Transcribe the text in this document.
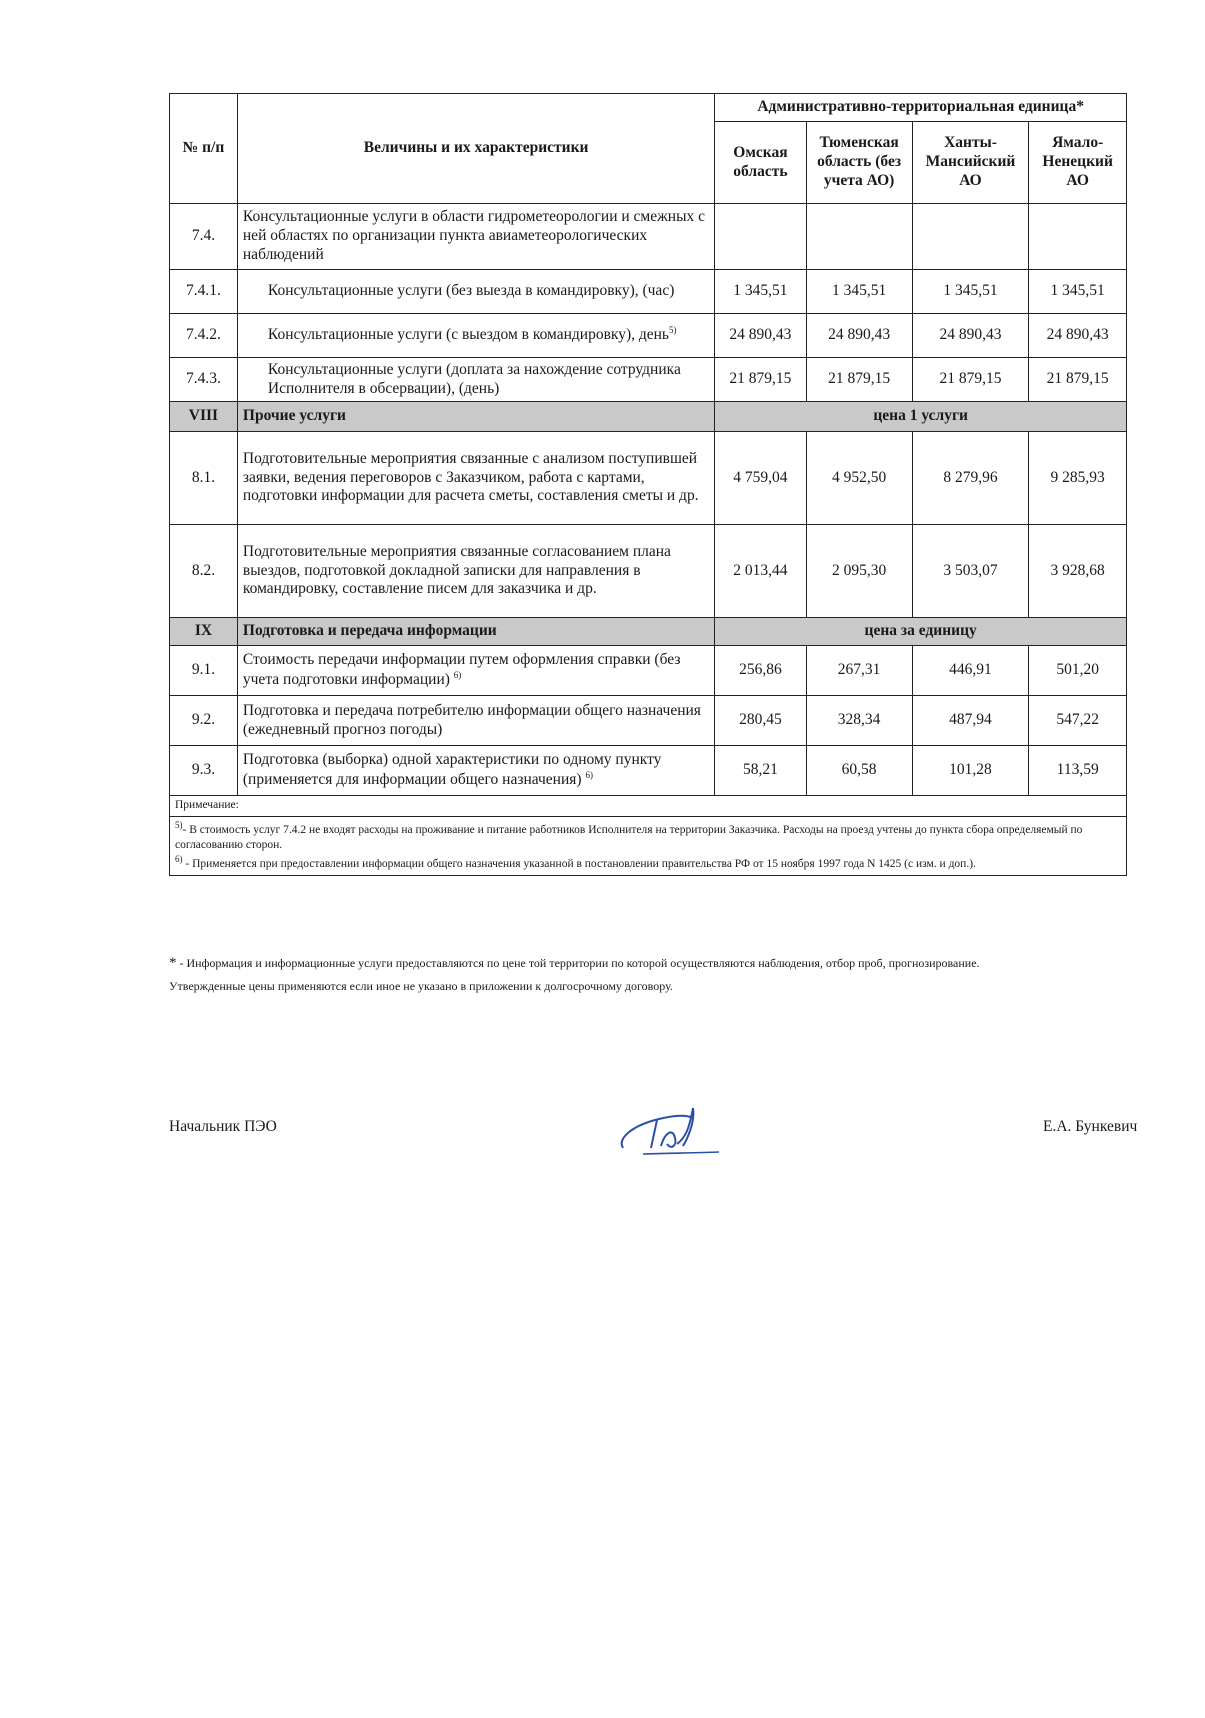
№ п/п	Величины и их характеристики	Административно-территориальная единица*			
		Омская область	Тюменская область (без учета АО)	Ханты-Мансийский АО	Ямало-Ненецкий АО
7.4.	Консультационные услуги в области гидрометеорологии и смежных с ней областях по организации пункта авиаметеорологических наблюдений				
7.4.1.	Консультационные услуги (без выезда в командировку), (час)	1 345,51	1 345,51	1 345,51	1 345,51
7.4.2.	Консультационные услуги (с выездом в командировку), день$^{5)}$	24 890,43	24 890,43	24 890,43	24 890,43
7.4.3.	Консультационные услуги (доплата за нахождение сотрудника Исполнителя в обсервации), (день)	21 879,15	21 879,15	21 879,15	21 879,15
VIII	Прочие услуги	цена 1 услуги			
8.1.	Подготовительные мероприятия связанные с анализом поступившей заявки, ведения переговоров с Заказчиком, работа с картами, подготовки информации для расчета сметы, составления сметы и др.	4 759,04	4 952,50	8 279,96	9 285,93
8.2.	Подготовительные мероприятия связанные согласованием плана выездов, подготовкой докладной записки для направления в командировку, составление писем для заказчика и др.	2 013,44	2 095,30	3 503,07	3 928,68
IX	Подготовка и передача информации	цена за единицу			
9.1.	Стоимость передачи информации путем оформления справки (без учета подготовки информации) $^{6)}$	256,86	267,31	446,91	501,20
9.2.	Подготовка и передача потребителю информации общего назначения (ежедневный прогноз погоды)	280,45	328,34	487,94	547,22
9.3.	Подготовка (выборка) одной характеристики по одному пункту (применяется для информации общего назначения) $^{6)}$	58,21	60,58	101,28	113,59
Примечание:					

$^{5)}$- В стоимость услуг 7.4.2 не входят расходы на проживание и питание работников Исполнителя на территории Заказчика. Расходы на проезд учтены до пункта сбора определяемый по согласованию сторон.
$^{6)}$ - Применяется при предоставлении информации общего назначения указанной в постановлении правительства РФ от 15 ноября 1997 года N 1425 (с изм. и доп.).					

* - Информация и информационные услуги предоставляются по цене той территории по которой осуществляются наблюдения, отбор проб, прогнозирование.

Утвержденные цены применяются если иное не указано в приложении к долгосрочному договору.

Начальник ПЭО	Е.А. Бункевич
